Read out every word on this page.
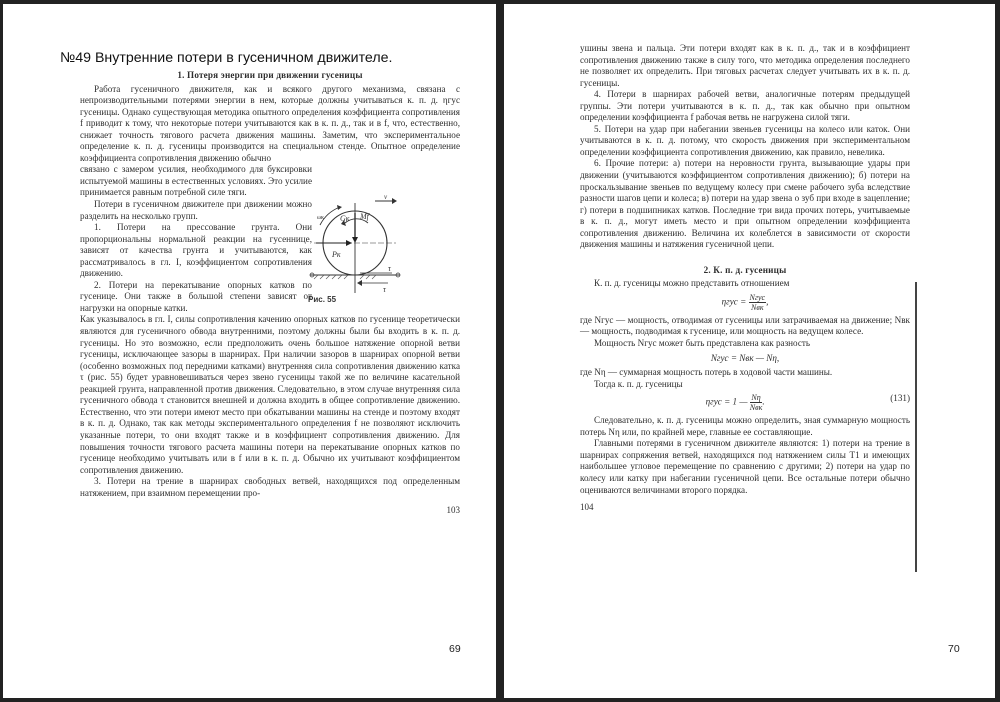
№49 Внутренние потери в гусеничном движителе.

1. Потеря энергии при движении гусеницы

Работа гусеничного движителя, как и всякого другого механизма, связана с непроизводительными потерями энергии в нем, которые должны учитываться к. п. д. ηгус гусеницы. Однако существующая методика опытного определения коэффициента сопротивления f приводит к тому, что некоторые потери учитываются как в к. п. д., так и в f, что, естественно, снижает точность тягового расчета движения машины. Заметим, что экспериментальное определение к. п. д. гусеницы производится на специальном стенде. Опытное определение коэффициента сопротивления движению обычно

связано с замером усилия, необходимого для буксировки испытуемой машины в естественных условиях. Это усилие принимается равным потребной силе тяги.

Потери в гусеничном движителе при движении можно разделить на несколько групп.

1. Потери на прессование грунта. Они пропорциональны нормальной реакции на гусеннице, зависят от качества грунта и учитываются, как рассматривалось в гл. I, коэффициентом сопротивления движению.

2. Потери на перекатывание опорных катков по гусенице. Они также в большой степени зависят от нагрузки на опорные катки.

Как указывалось в гл. I, силы сопротивления качению опорных катков по гусенице теоретически являются для гусеничного обвода внутренними, поэтому должны были бы входить в к. п. д. гусеницы. Но это возможно, если предположить очень большое натяжение опорной ветви гусеницы, исключающее зазоры в шарнирах. При наличии зазоров в шарнирах опорной ветви (особенно возможных под передними катками) внутренняя сила сопротивления движению катка τ (рис. 55) будет уравновешиваться через звено гусеницы такой же по величине касательной реакцией грунта, направленной против движения. Следовательно, в этом случае внутренняя сила гусеничного обвода τ становится внешней и должна входить в общее сопротивление движению. Естественно, что эти потери имеют место при обкатывании машины на стенде и поэтому входят в к. п. д. Однако, так как методы экспериментального определения f не позволяют исключить указанные потери, то они входят также и в коэффициент сопротивления движению. Для повышения точности тягового расчета машины потери на перекатывание опорных катков по гусенице необходимо учитывать или в f или в к. п. д. Обычно их учитывают коэффициентом сопротивления движению.

3. Потери на трение в шарнирах свободных ветвей, находящихся под определенным натяжением, при взаимном перемещении про-

103
ωк Gк Mf
Pк
τ
τ
v
Рис. 55

ушины звена и пальца. Эти потери входят как в к. п. д., так и в коэффициент сопротивления движению также в силу того, что методика определения последнего не позволяет их определить. При тяговых расчетах следует учитывать их в к. п. д. гусеницы.

4. Потери в шарнирах рабочей ветви, аналогичные потерям предыдущей группы. Эти потери учитываются в к. п. д., так как обычно при опытном определении коэффициента f рабочая ветвь не нагружена силой тяги.

5. Потери на удар при набегании звеньев гусеницы на колесо или каток. Они учитываются в к. п. д. потому, что скорость движения при экспериментальном определении коэффициента сопротивления движению, как правило, невелика.

6. Прочие потери: а) потери на неровности грунта, вызывающие удары при движении (учитываются коэффициентом сопротивления движению); б) потери на проскальзывание звеньев по ведущему колесу при смене рабочего зуба вследствие разности шагов цепи и колеса; в) потери на удар звена о зуб при входе в зацепление; г) потери в подшипниках катков. Последние три вида прочих потерь, учитываемые в к. п. д., могут иметь место и при опытном определении коэффициента сопротивления движению. Величина их колеблется в зависимости от скорости движения машины и натяжения гусеничной цепи.

2. К. п. д. гусеницы

К. п. д. гусеницы можно представить отношением

$\eta гус = \frac{\text{Nгус}}{\text{Nвк}}$ ,

где Nгус — мощность, отводимая от гусеницы или затрачиваемая на движение; Nвк — мощность, подводимая к гусенице, или мощность на ведущем колесе.

Мощность Nгус может быть представлена как разность

Nгус = Nвк — Nη,

где Nη — суммарная мощность потерь в ходовой части машины.

Тогда к. п. д. гусеницы

(131)
ηгус = 1 — $\frac{N\eta}{\text{Nвк}}$ .

Следовательно, к. п. д. гусеницы можно определить, зная суммарную мощность потерь Nη или, по крайней мере, главные ее составляющие.

Главными потерями в гусеничном движителе являются: 1) потери на трение в шарнирах сопряжения ветвей, находящихся под натяжением силы T1 и имеющих наибольшее угловое перемещение по сравнению с другими; 2) потери на удар по колесу или катку при набегании гусеничной цепи. Все остальные потери обычно оцениваются величинами второго порядка.

104
69	70
